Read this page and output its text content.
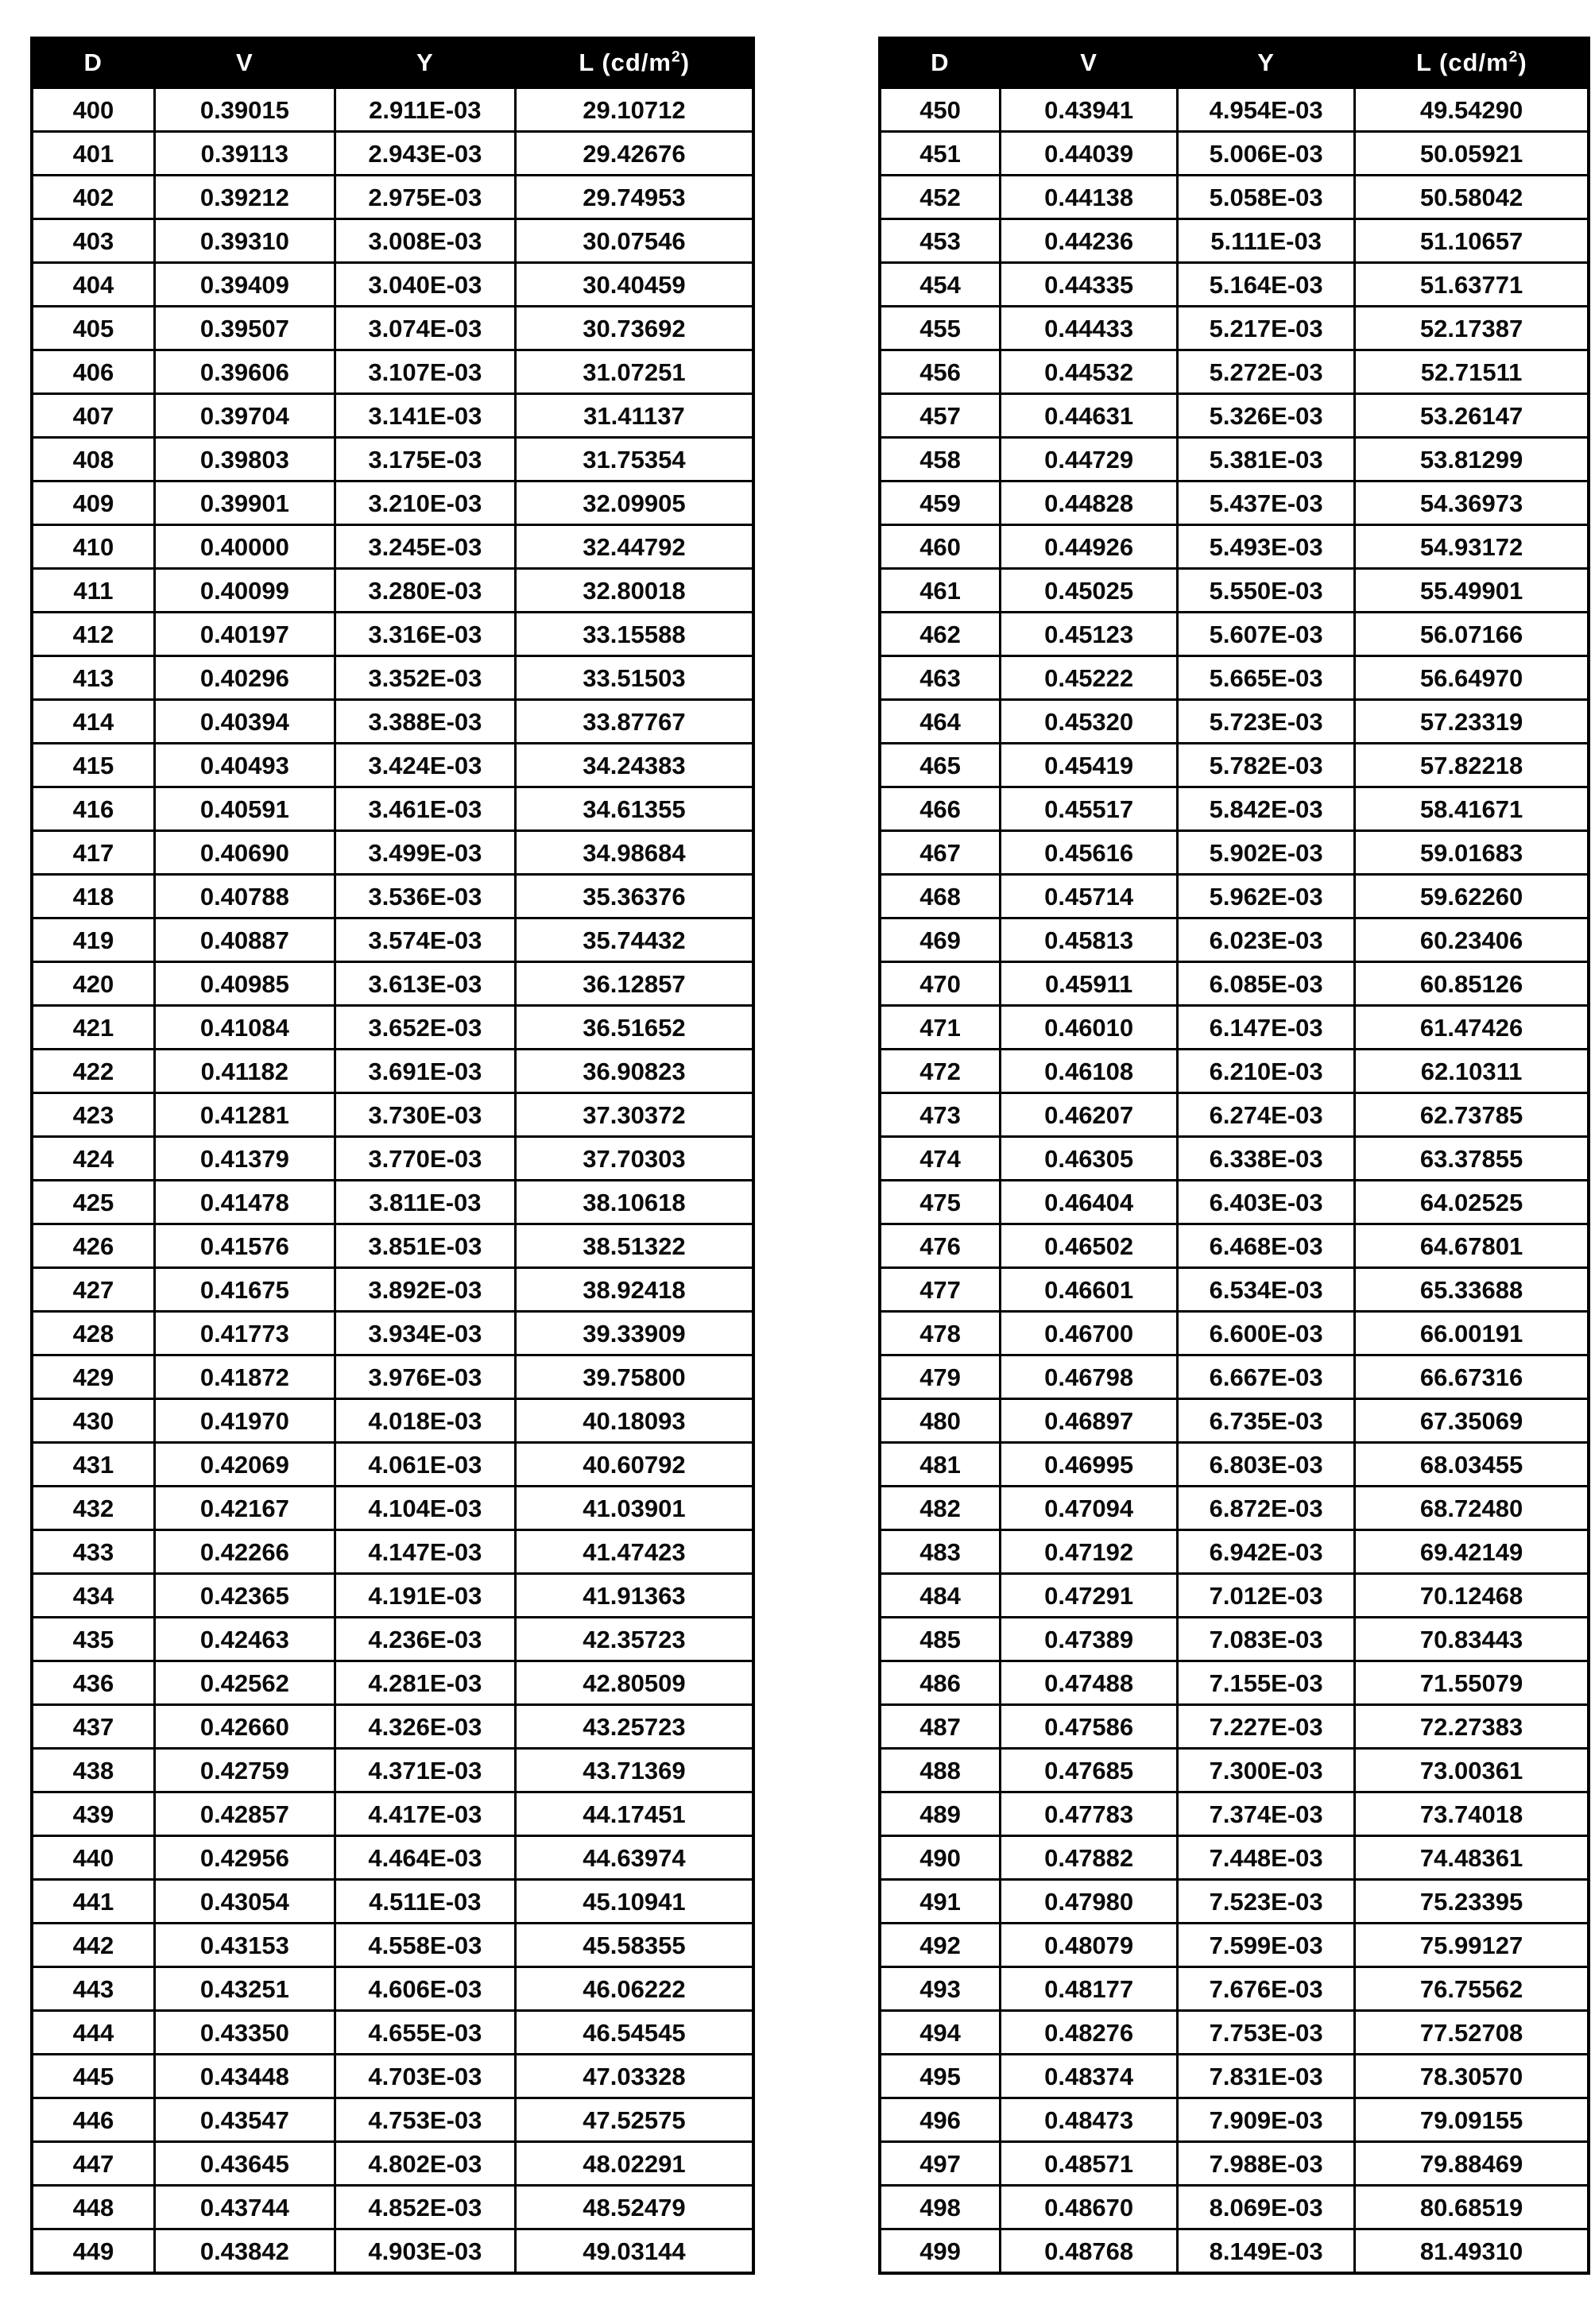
D	V	Y	L $(cd/m^2)$
400	0.39015	2.911E-03	29.10712
401	0.39113	2.943E-03	29.42676
402	0.39212	2.975E-03	29.74953
403	0.39310	3.008E-03	30.07546
404	0.39409	3.040E-03	30.40459
405	0.39507	3.074E-03	30.73692
406	0.39606	3.107E-03	31.07251
407	0.39704	3.141E-03	31.41137
408	0.39803	3.175E-03	31.75354
409	0.39901	3.210E-03	32.09905
410	0.40000	3.245E-03	32.44792
411	0.40099	3.280E-03	32.80018
412	0.40197	3.316E-03	33.15588
413	0.40296	3.352E-03	33.51503
414	0.40394	3.388E-03	33.87767
415	0.40493	3.424E-03	34.24383
416	0.40591	3.461E-03	34.61355
417	0.40690	3.499E-03	34.98684
418	0.40788	3.536E-03	35.36376
419	0.40887	3.574E-03	35.74432
420	0.40985	3.613E-03	36.12857
421	0.41084	3.652E-03	36.51652
422	0.41182	3.691E-03	36.90823
423	0.41281	3.730E-03	37.30372
424	0.41379	3.770E-03	37.70303
425	0.41478	3.811E-03	38.10618
426	0.41576	3.851E-03	38.51322
427	0.41675	3.892E-03	38.92418
428	0.41773	3.934E-03	39.33909
429	0.41872	3.976E-03	39.75800
430	0.41970	4.018E-03	40.18093
431	0.42069	4.061E-03	40.60792
432	0.42167	4.104E-03	41.03901
433	0.42266	4.147E-03	41.47423
434	0.42365	4.191E-03	41.91363
435	0.42463	4.236E-03	42.35723
436	0.42562	4.281E-03	42.80509
437	0.42660	4.326E-03	43.25723
438	0.42759	4.371E-03	43.71369
439	0.42857	4.417E-03	44.17451
440	0.42956	4.464E-03	44.63974
441	0.43054	4.511E-03	45.10941
442	0.43153	4.558E-03	45.58355
443	0.43251	4.606E-03	46.06222
444	0.43350	4.655E-03	46.54545
445	0.43448	4.703E-03	47.03328
446	0.43547	4.753E-03	47.52575
447	0.43645	4.802E-03	48.02291
448	0.43744	4.852E-03	48.52479
449	0.43842	4.903E-03	49.03144
D	V	Y	L $(cd/m^2)$
450	0.43941	4.954E-03	49.54290
451	0.44039	5.006E-03	50.05921
452	0.44138	5.058E-03	50.58042
453	0.44236	5.111E-03	51.10657
454	0.44335	5.164E-03	51.63771
455	0.44433	5.217E-03	52.17387
456	0.44532	5.272E-03	52.71511
457	0.44631	5.326E-03	53.26147
458	0.44729	5.381E-03	53.81299
459	0.44828	5.437E-03	54.36973
460	0.44926	5.493E-03	54.93172
461	0.45025	5.550E-03	55.49901
462	0.45123	5.607E-03	56.07166
463	0.45222	5.665E-03	56.64970
464	0.45320	5.723E-03	57.23319
465	0.45419	5.782E-03	57.82218
466	0.45517	5.842E-03	58.41671
467	0.45616	5.902E-03	59.01683
468	0.45714	5.962E-03	59.62260
469	0.45813	6.023E-03	60.23406
470	0.45911	6.085E-03	60.85126
471	0.46010	6.147E-03	61.47426
472	0.46108	6.210E-03	62.10311
473	0.46207	6.274E-03	62.73785
474	0.46305	6.338E-03	63.37855
475	0.46404	6.403E-03	64.02525
476	0.46502	6.468E-03	64.67801
477	0.46601	6.534E-03	65.33688
478	0.46700	6.600E-03	66.00191
479	0.46798	6.667E-03	66.67316
480	0.46897	6.735E-03	67.35069
481	0.46995	6.803E-03	68.03455
482	0.47094	6.872E-03	68.72480
483	0.47192	6.942E-03	69.42149
484	0.47291	7.012E-03	70.12468
485	0.47389	7.083E-03	70.83443
486	0.47488	7.155E-03	71.55079
487	0.47586	7.227E-03	72.27383
488	0.47685	7.300E-03	73.00361
489	0.47783	7.374E-03	73.74018
490	0.47882	7.448E-03	74.48361
491	0.47980	7.523E-03	75.23395
492	0.48079	7.599E-03	75.99127
493	0.48177	7.676E-03	76.75562
494	0.48276	7.753E-03	77.52708
495	0.48374	7.831E-03	78.30570
496	0.48473	7.909E-03	79.09155
497	0.48571	7.988E-03	79.88469
498	0.48670	8.069E-03	80.68519
499	0.48768	8.149E-03	81.49310
